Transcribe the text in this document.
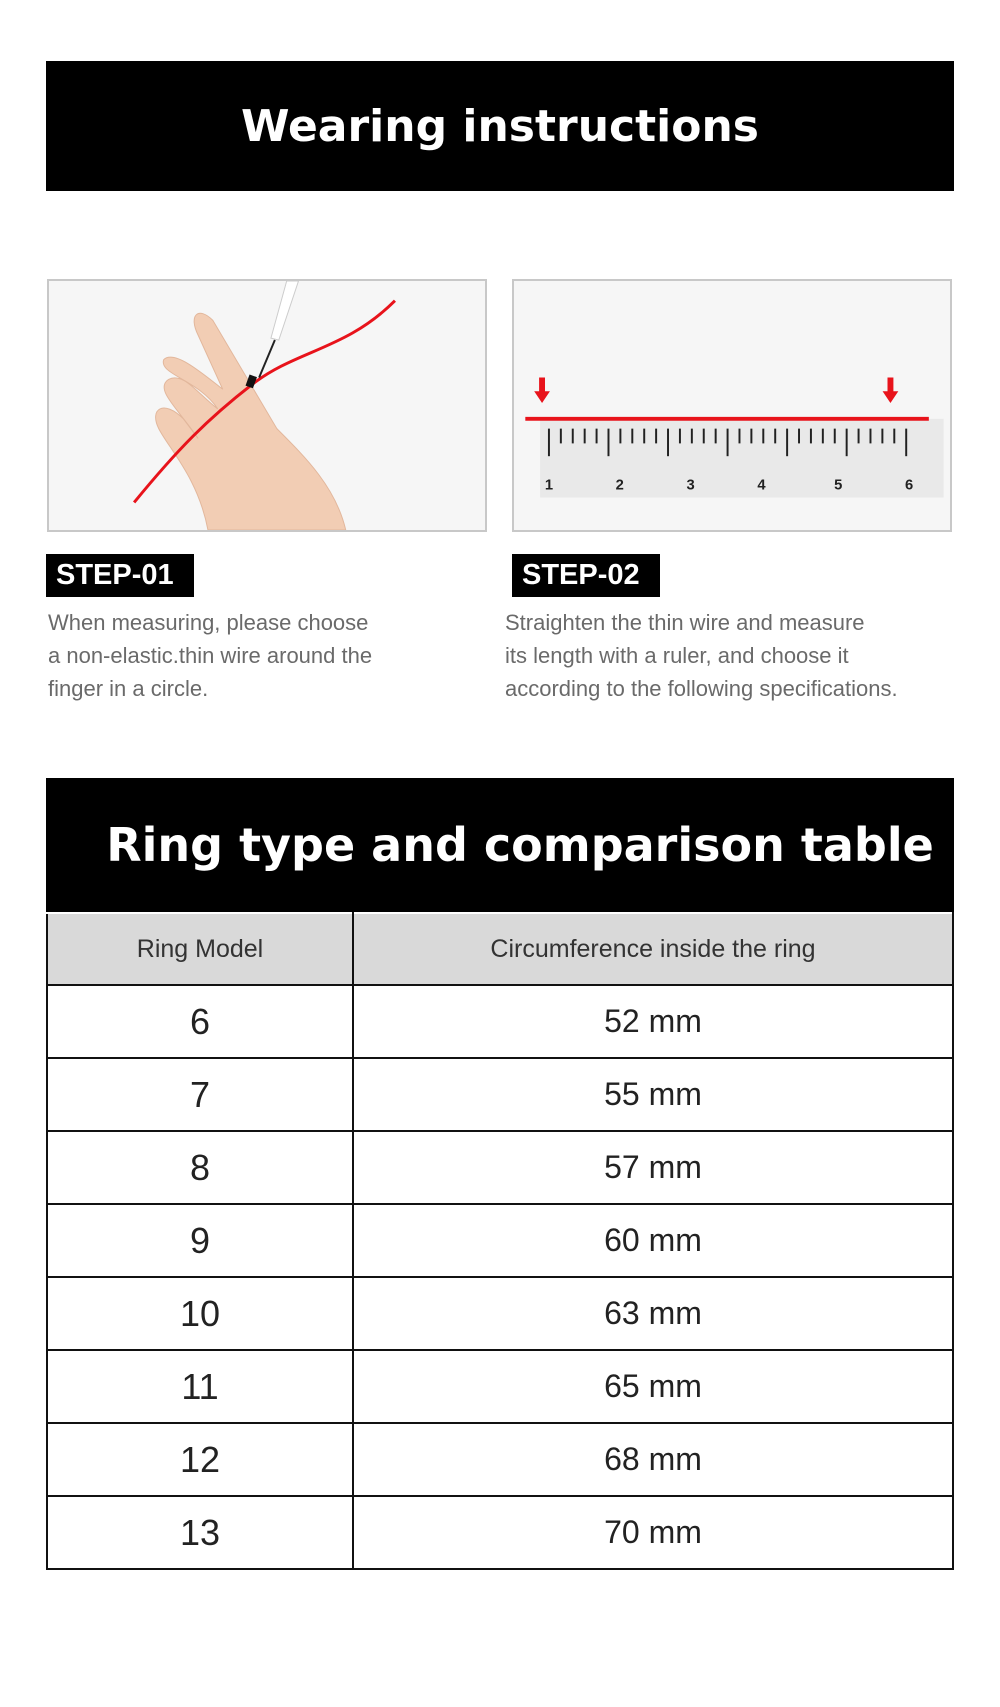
Wearing instructions
1	2	3	4	5	6
STEP-01	STEP-02
When measuring, please choose
a non-elastic.thin wire around the
finger in a circle.
Straighten the thin wire and measure
its length with a ruler, and choose it
according to the following specifications.
Ring type and comparison table
Ring Model	Circumference inside the ring
6	52 mm
7	55 mm
8	57 mm
9	60 mm
10	63 mm
11	65 mm
12	68 mm
13	70 mm
